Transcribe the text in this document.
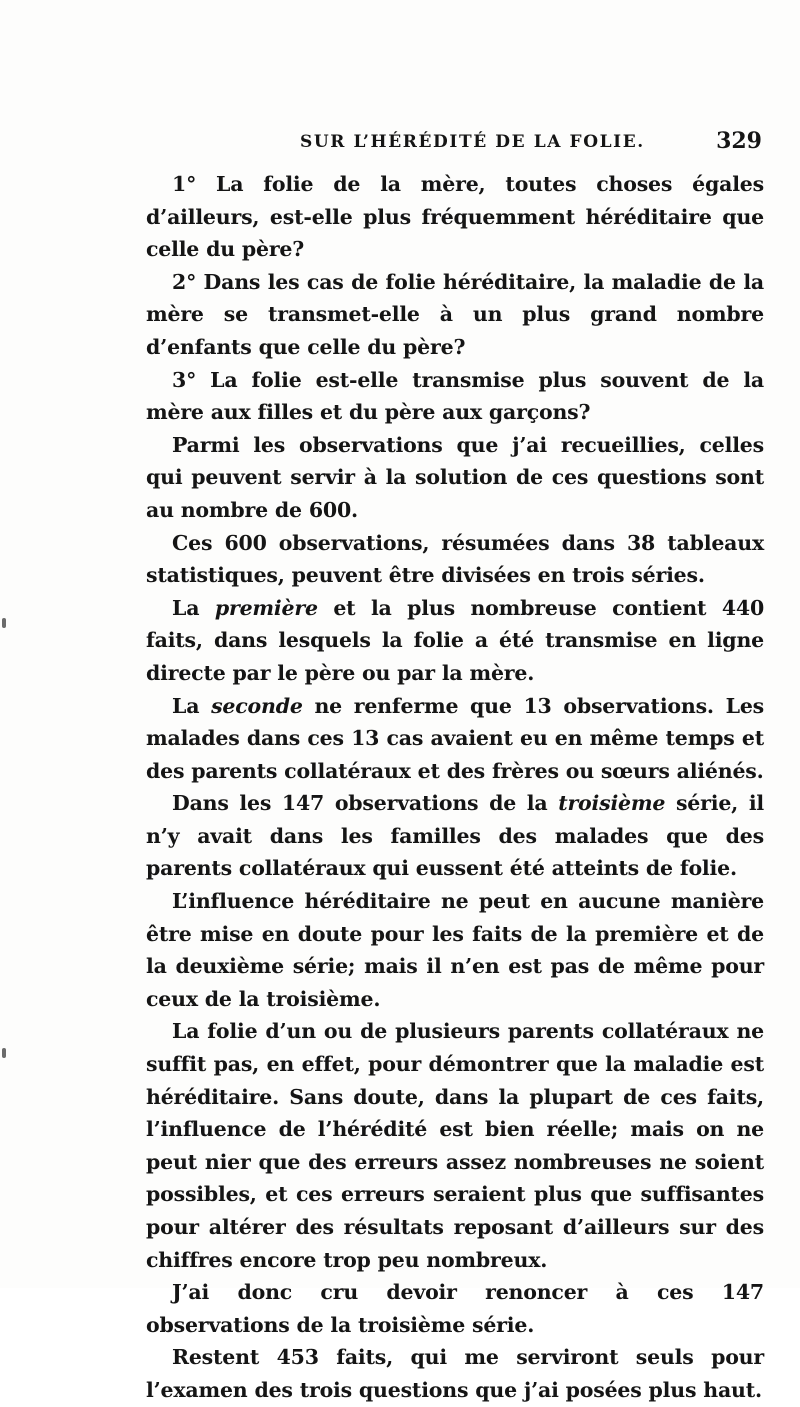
SUR L’HÉRÉDITÉ DE LA FOLIE.	329

1° La folie de la mère, toutes choses égales d’ailleurs, est-elle plus fréquemment héréditaire que celle du père?

2° Dans les cas de folie héréditaire, la maladie de la mère se transmet-elle à un plus grand nombre d’enfants que celle du père?

3° La folie est-elle transmise plus souvent de la mère aux filles et du père aux garçons?

Parmi les observations que j’ai recueillies, celles qui peuvent servir à la solution de ces questions sont au nombre de 600.

Ces 600 observations, résumées dans 38 tableaux statistiques, peuvent être divisées en trois séries.

La première et la plus nombreuse contient 440 faits, dans lesquels la folie a été transmise en ligne directe par le père ou par la mère.

La seconde ne renferme que 13 observations. Les malades dans ces 13 cas avaient eu en même temps et des parents collatéraux et des frères ou sœurs aliénés.

Dans les 147 observations de la troisième série, il n’y avait dans les familles des malades que des parents collatéraux qui eussent été atteints de folie.

L’influence héréditaire ne peut en aucune manière être mise en doute pour les faits de la première et de la deuxième série; mais il n’en est pas de même pour ceux de la troisième.

La folie d’un ou de plusieurs parents collatéraux ne suffit pas, en effet, pour démontrer que la maladie est héréditaire. Sans doute, dans la plupart de ces faits, l’influence de l’hérédité est bien réelle; mais on ne peut nier que des erreurs assez nombreuses ne soient possibles, et ces erreurs seraient plus que suffisantes pour altérer des résultats reposant d’ailleurs sur des chiffres encore trop peu nombreux.

J’ai donc cru devoir renoncer à ces 147 observations de la troisième série.

Restent 453 faits, qui me serviront seuls pour l’examen des trois questions que j’ai posées plus haut.
